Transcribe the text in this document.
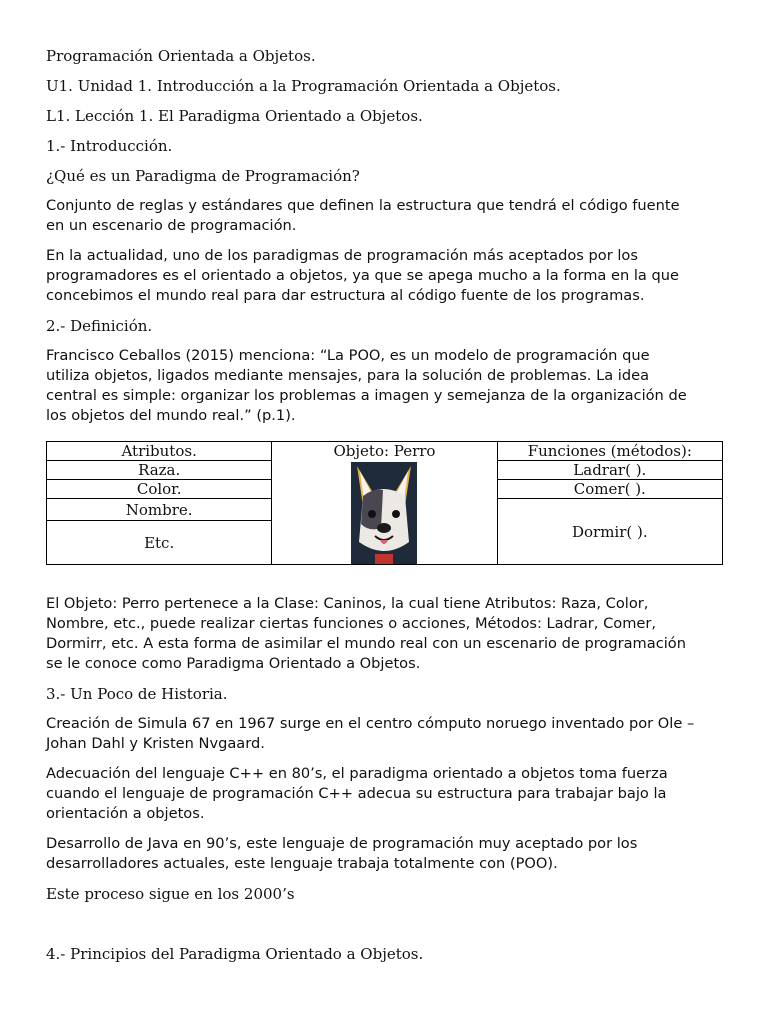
Programación Orientada a Objetos.

U1. Unidad 1. Introducción a la Programación Orientada a Objetos.

L1. Lección 1. El Paradigma Orientado a Objetos.

1.- Introducción.

¿Qué es un Paradigma de Programación?

Conjunto de reglas y estándares que definen la estructura que tendrá el código fuente

en un escenario de programación.

En la actualidad, uno de los paradigmas de programación más aceptados por los

programadores es el orientado a objetos, ya que se apega mucho a la forma en la que

concebimos el mundo real para dar estructura al código fuente de los programas.

2.- Definición.

Francisco Ceballos (2015) menciona: “La POO, es un modelo de programación que

utiliza objetos, ligados mediante mensajes, para la solución de problemas. La idea

central es simple: organizar los problemas a imagen y semejanza de la organización de

los objetos del mundo real.” (p.1).

Atributos.	Objeto: Perro	Funciones (métodos):
Raza.		Ladrar( ).
Color.		Comer( ).
Nombre.		Dormir( ).
Etc.		

El Objeto: Perro pertenece a la Clase: Caninos, la cual tiene Atributos: Raza, Color,

Nombre, etc., puede realizar ciertas funciones o acciones, Métodos: Ladrar, Comer,

Dormirr, etc. A esta forma de asimilar el mundo real con un escenario de programación

se le conoce como Paradigma Orientado a Objetos.

3.- Un Poco de Historia.

Creación de Simula 67 en 1967 surge en el centro cómputo noruego inventado por Ole –

Johan Dahl y Kristen Nvgaard.

Adecuación del lenguaje C++ en 80’s, el paradigma orientado a objetos toma fuerza

cuando el lenguaje de programación C++ adecua su estructura para trabajar bajo la

orientación a objetos.

Desarrollo de Java en 90’s, este lenguaje de programación muy aceptado por los

desarrolladores actuales, este lenguaje trabaja totalmente con (POO).

Este proceso sigue en los 2000’s

4.- Principios del Paradigma Orientado a Objetos.
